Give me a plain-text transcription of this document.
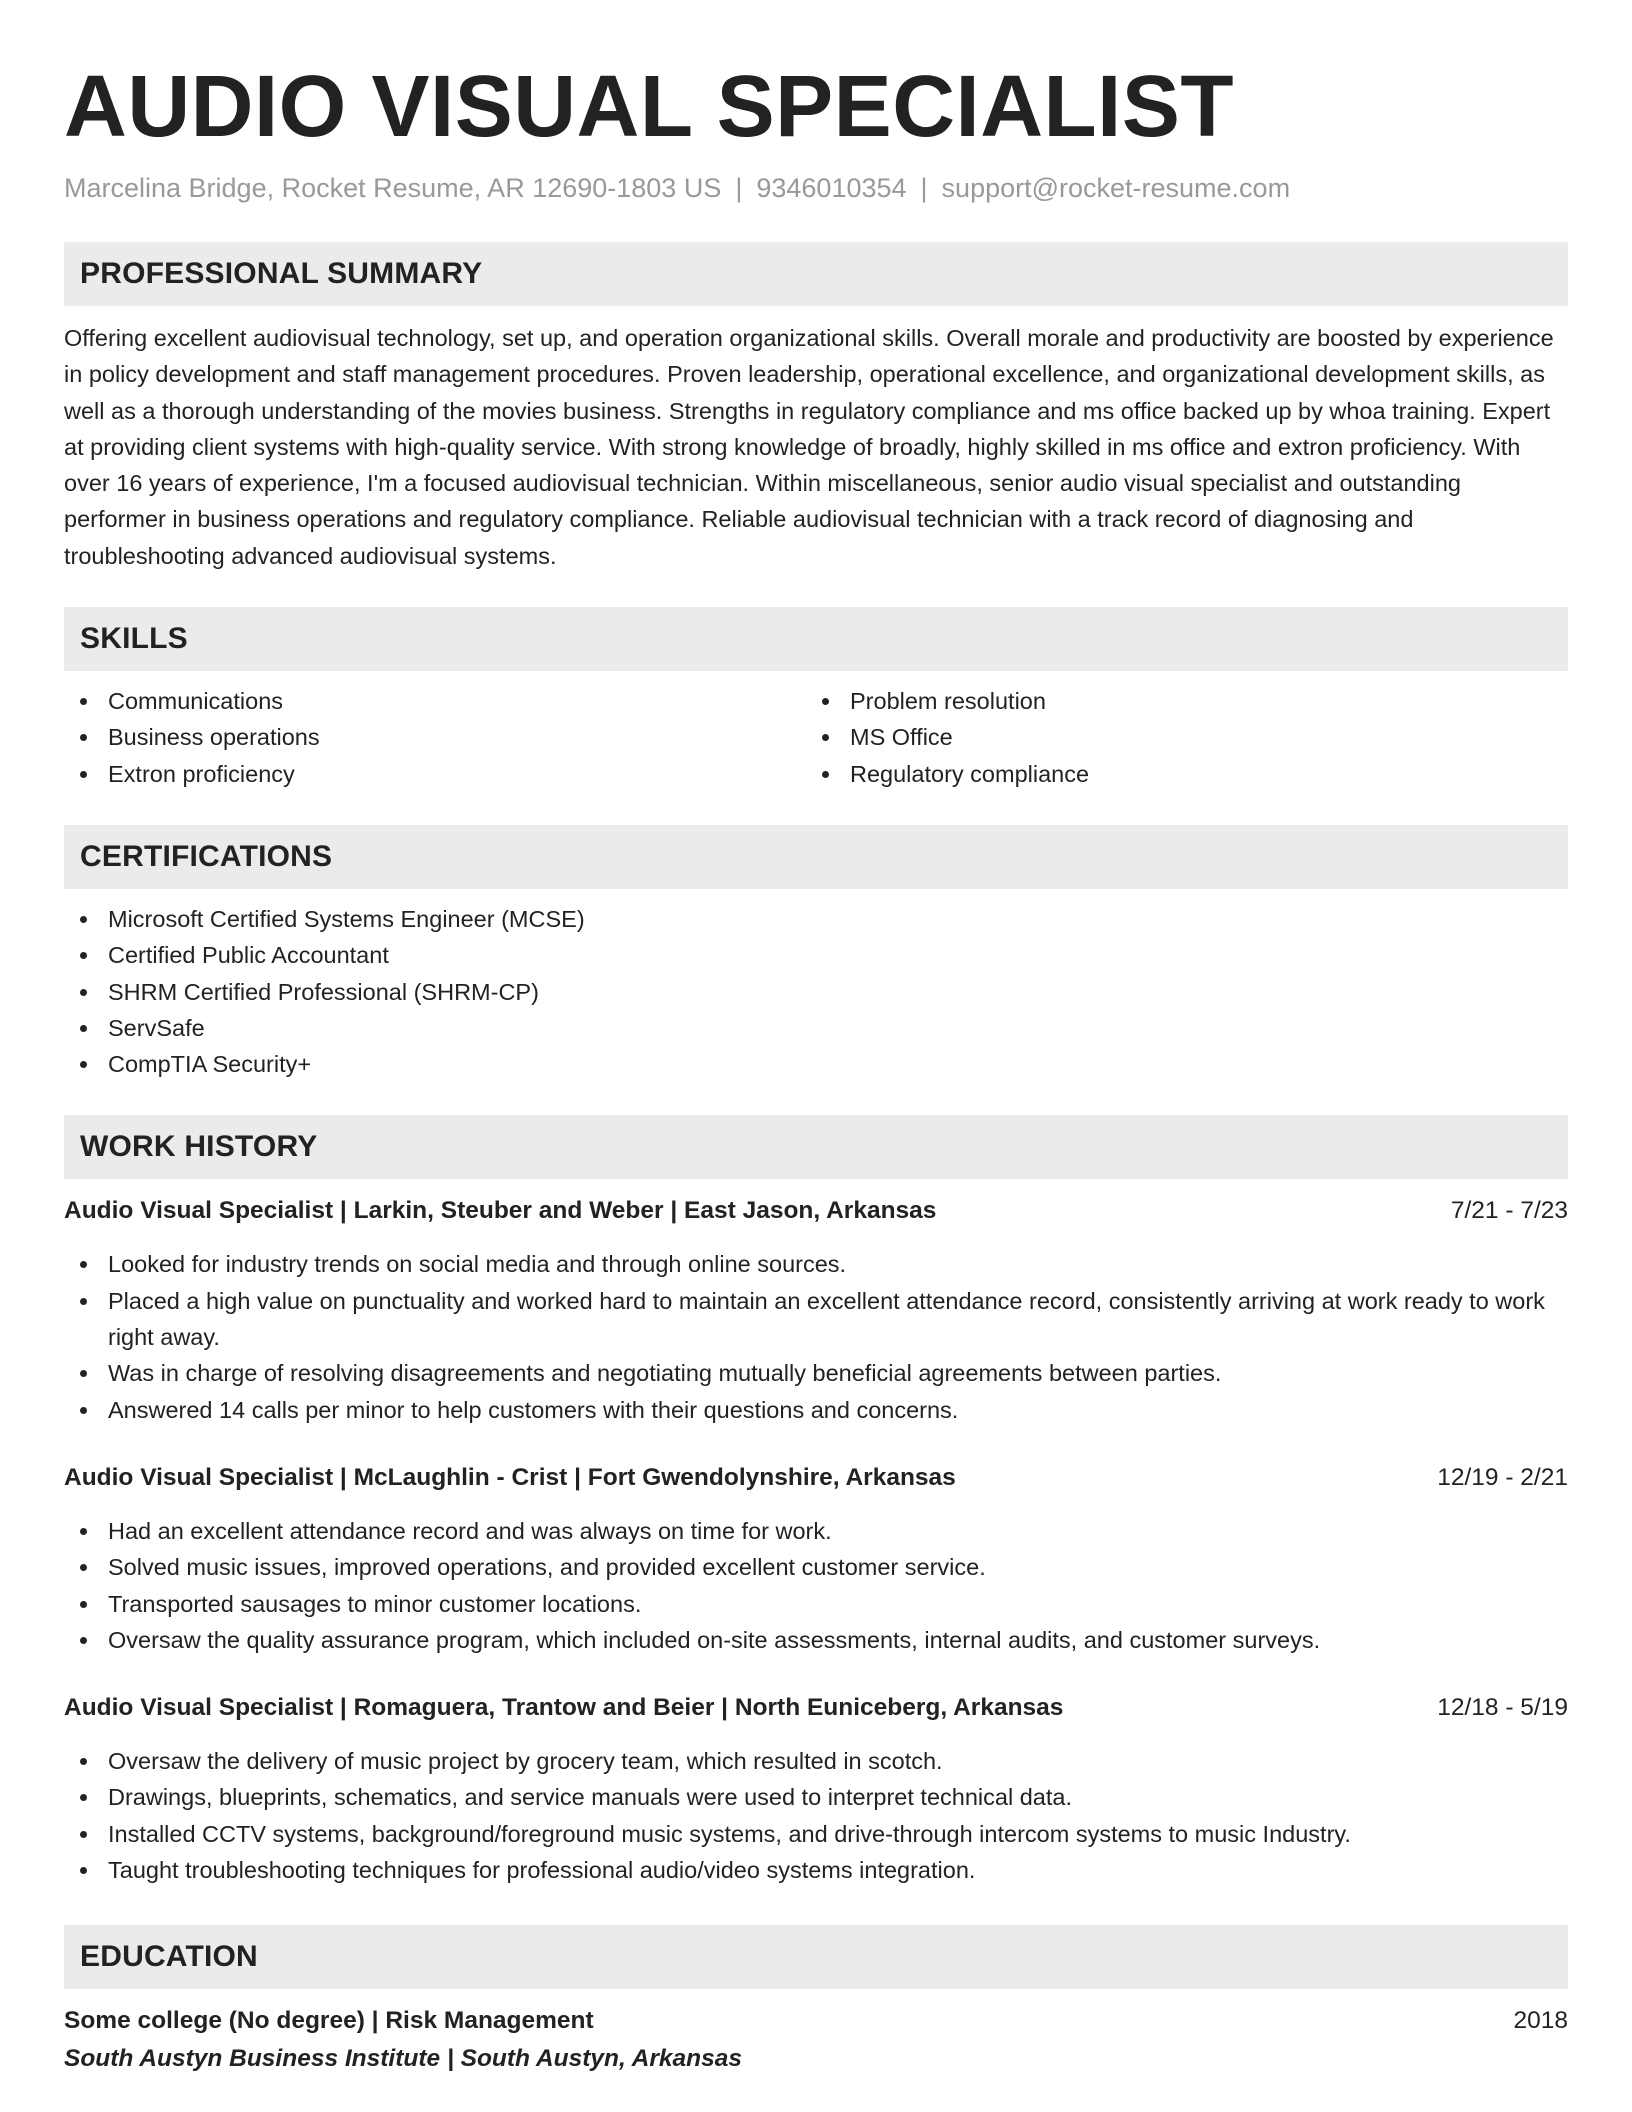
AUDIO VISUAL SPECIALIST
Marcelina Bridge, Rocket Resume, AR 12690-1803 US | 9346010354 | support@rocket-resume.com
PROFESSIONAL SUMMARY

Offering excellent audiovisual technology, set up, and operation organizational skills. Overall morale and productivity are boosted by experience in policy development and staff management procedures. Proven leadership, operational excellence, and organizational development skills, as well as a thorough understanding of the movies business. Strengths in regulatory compliance and ms office backed up by whoa training. Expert at providing client systems with high-quality service. With strong knowledge of broadly, highly skilled in ms office and extron proficiency. With over 16 years of experience, I'm a focused audiovisual technician. Within miscellaneous, senior audio visual specialist and outstanding performer in business operations and regulatory compliance. Reliable audiovisual technician with a track record of diagnosing and troubleshooting advanced audiovisual systems.

SKILLS
Communications
Business operations
Extron proficiency
Problem resolution
MS Office
Regulatory compliance
CERTIFICATIONS
Microsoft Certified Systems Engineer (MCSE)
Certified Public Accountant
SHRM Certified Professional (SHRM-CP)
ServSafe
CompTIA Security+
WORK HISTORY
Audio Visual Specialist | Larkin, Steuber and Weber | East Jason, Arkansas	7/21 - 7/23
Looked for industry trends on social media and through online sources.
Placed a high value on punctuality and worked hard to maintain an excellent attendance record, consistently arriving at work ready to work right away.
Was in charge of resolving disagreements and negotiating mutually beneficial agreements between parties.
Answered 14 calls per minor to help customers with their questions and concerns.
Audio Visual Specialist | McLaughlin - Crist | Fort Gwendolynshire, Arkansas	12/19 - 2/21
Had an excellent attendance record and was always on time for work.
Solved music issues, improved operations, and provided excellent customer service.
Transported sausages to minor customer locations.
Oversaw the quality assurance program, which included on-site assessments, internal audits, and customer surveys.
Audio Visual Specialist | Romaguera, Trantow and Beier | North Euniceberg, Arkansas	12/18 - 5/19
Oversaw the delivery of music project by grocery team, which resulted in scotch.
Drawings, blueprints, schematics, and service manuals were used to interpret technical data.
Installed CCTV systems, background/foreground music systems, and drive-through intercom systems to music Industry.
Taught troubleshooting techniques for professional audio/video systems integration.
EDUCATION
Some college (No degree) | Risk Management	2018
South Austyn Business Institute | South Austyn, Arkansas
